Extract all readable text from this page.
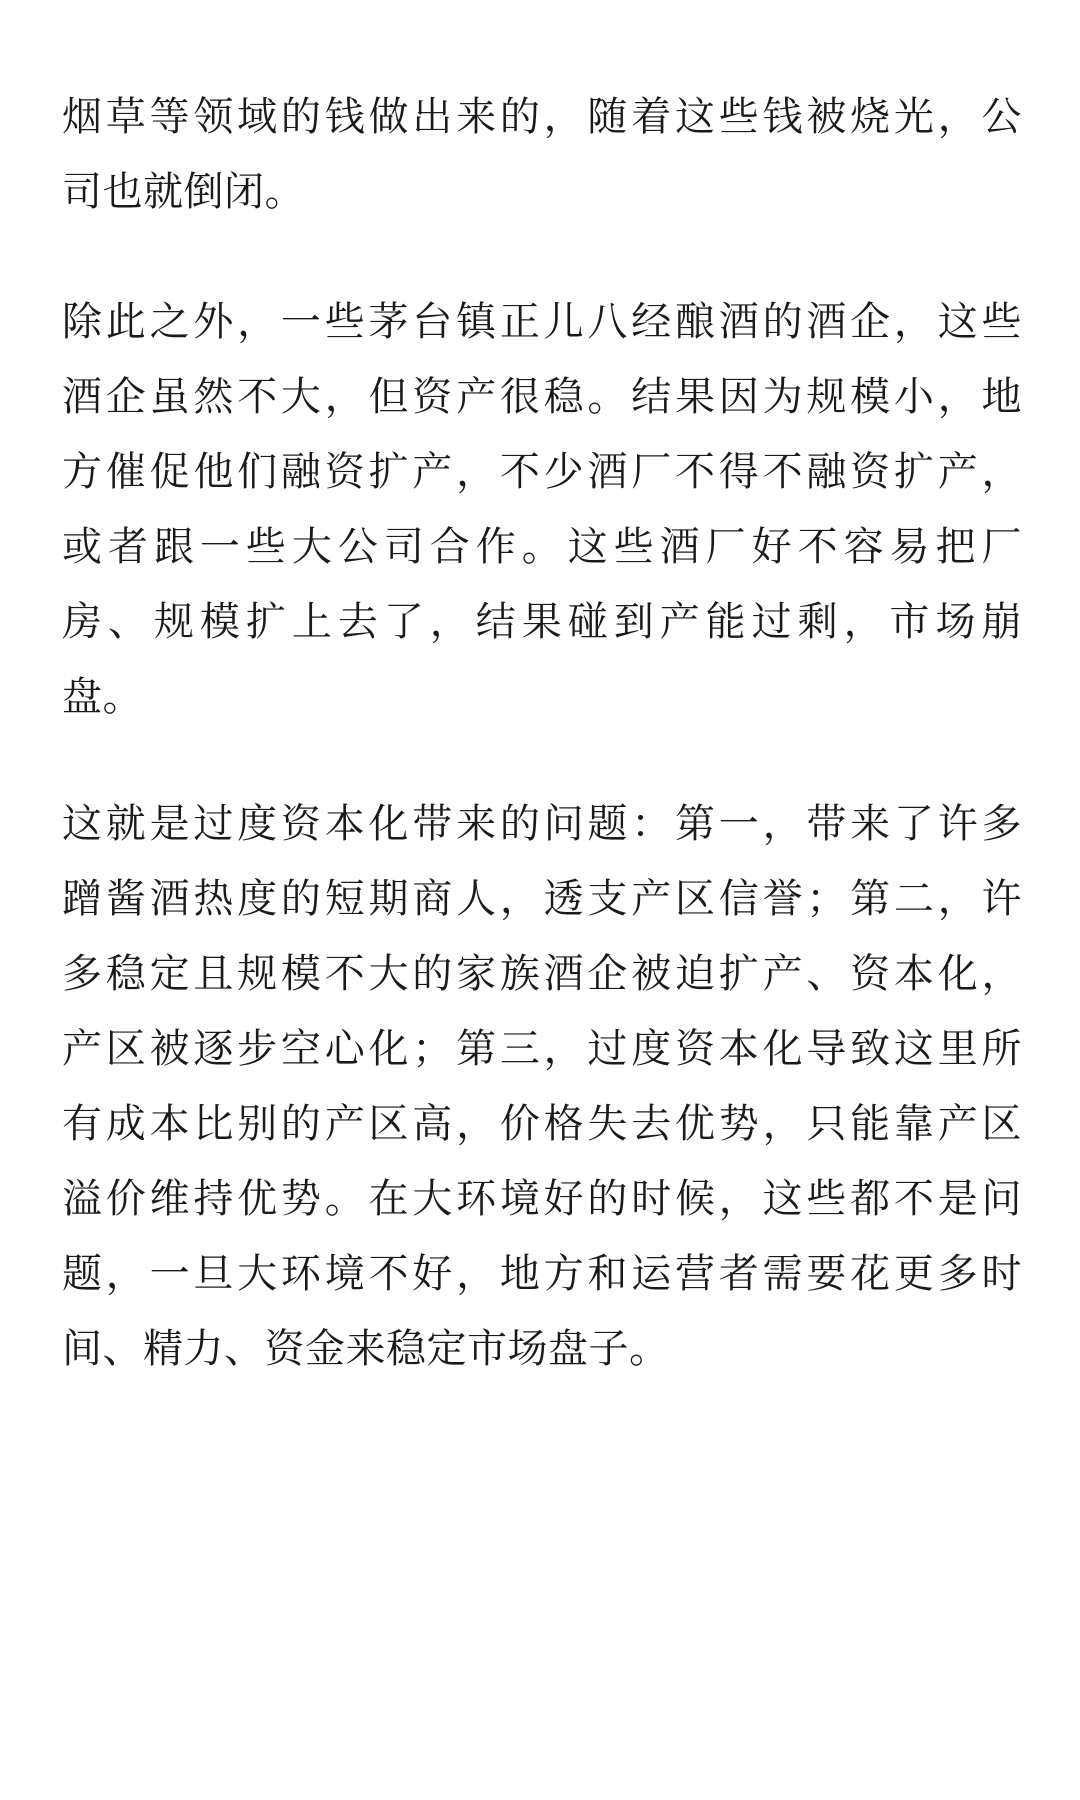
烟草等领域的钱做出来的，随着这些钱被烧光，公
司也就倒闭。
除此之外，一些茅台镇正儿八经酿酒的酒企，这些
酒企虽然不大，但资产很稳。结果因为规模小，地
方催促他们融资扩产，不少酒厂不得不融资扩产，
或者跟一些大公司合作。这些酒厂好不容易把厂
房、规模扩上去了，结果碰到产能过剩，市场崩
盘。
这就是过度资本化带来的问题：第一，带来了许多
蹭酱酒热度的短期商人，透支产区信誉；第二，许
多稳定且规模不大的家族酒企被迫扩产、资本化，
产区被逐步空心化；第三，过度资本化导致这里所
有成本比别的产区高，价格失去优势，只能靠产区
溢价维持优势。在大环境好的时候，这些都不是问
题，一旦大环境不好，地方和运营者需要花更多时
间、精力、资金来稳定市场盘子。
